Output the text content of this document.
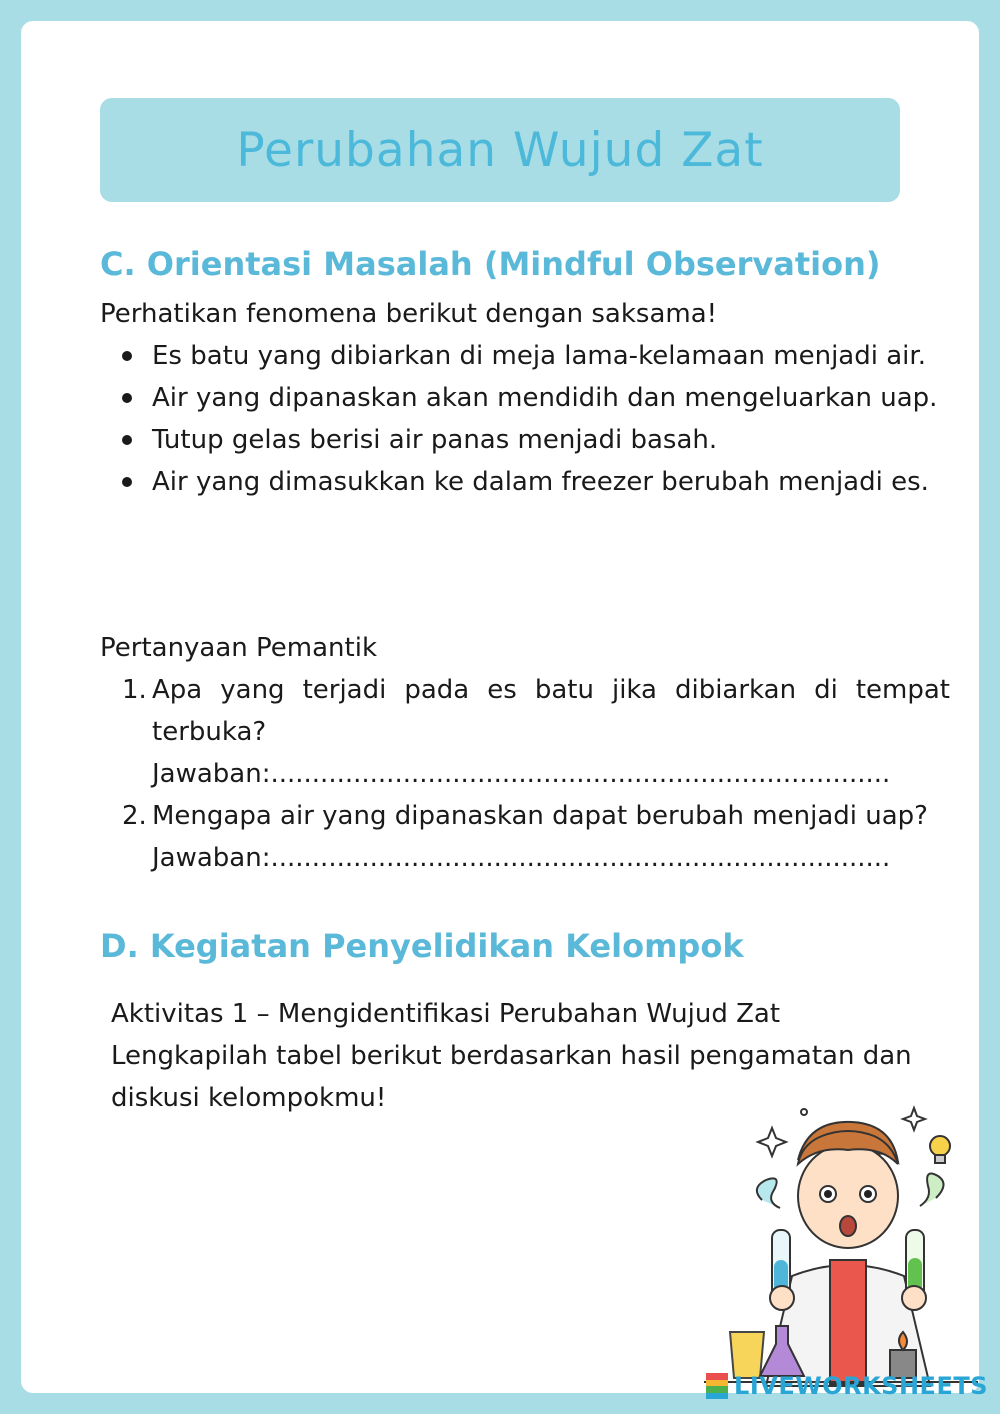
Perubahan Wujud Zat
C. Orientasi Masalah (Mindful Observation)
Perhatikan fenomena berikut dengan saksama!
Es batu yang dibiarkan di meja lama-kelamaan menjadi air.
Air yang dipanaskan akan mendidih dan mengeluarkan uap.
Tutup gelas berisi air panas menjadi basah.
Air yang dimasukkan ke dalam freezer berubah menjadi es.
Pertanyaan Pemantik
1. Apa yang terjadi pada es batu jika dibiarkan di tempat terbuka?
Jawaban:...........................................................................
2. Mengapa air yang dipanaskan dapat berubah menjadi uap?
Jawaban:...........................................................................
D. Kegiatan Penyelidikan Kelompok
Aktivitas 1 – Mengidentifikasi Perubahan Wujud Zat
Lengkapilah tabel berikut berdasarkan hasil pengamatan dan
diskusi kelompokmu!
LIVEWORKSHEETS
